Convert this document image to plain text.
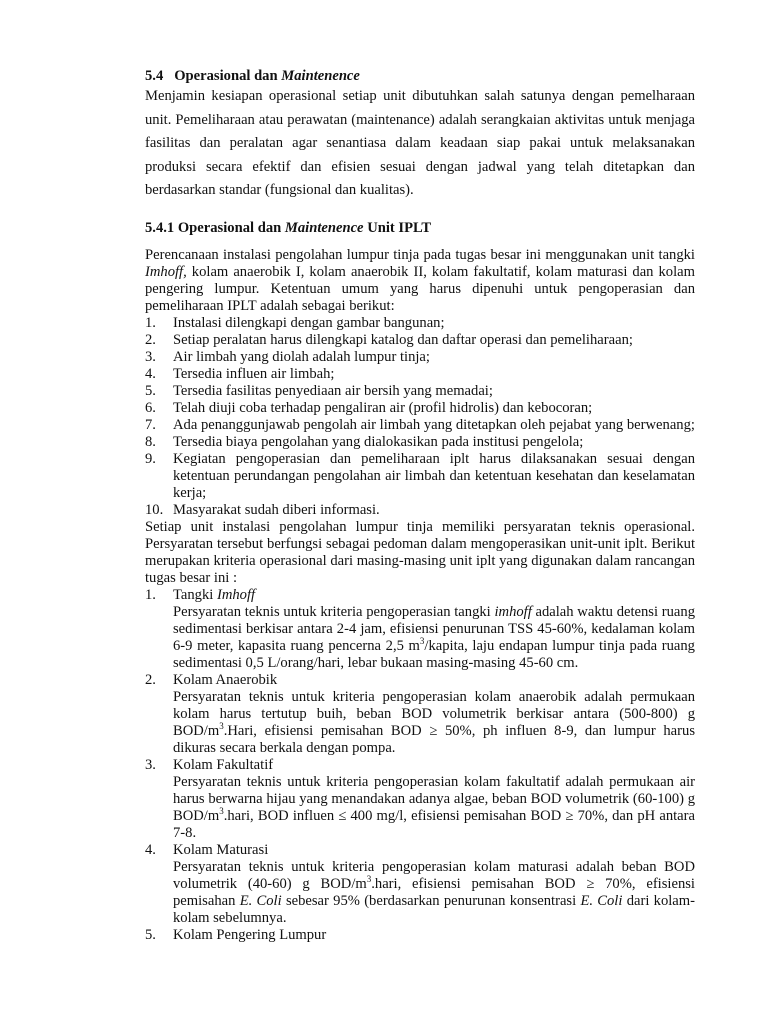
5.4 Operasional dan Maintenence

Menjamin kesiapan operasional setiap unit dibutuhkan salah satunya dengan pemelharaan unit. Pemeliharaan atau perawatan (maintenance) adalah serangkaian aktivitas untuk menjaga fasilitas dan peralatan agar senantiasa dalam keadaan siap pakai untuk melaksanakan produksi secara efektif dan efisien sesuai dengan jadwal yang telah ditetapkan dan berdasarkan standar (fungsional dan kualitas).

5.4.1 Operasional dan Maintenence Unit IPLT

Perencanaan instalasi pengolahan lumpur tinja pada tugas besar ini menggunakan unit tangki Imhoff, kolam anaerobik I, kolam anaerobik II, kolam fakultatif, kolam maturasi dan kolam pengering lumpur. Ketentuan umum yang harus dipenuhi untuk pengoperasian dan pemeliharaan IPLT adalah sebagai berikut:

1.	Instalasi dilengkapi dengan gambar bangunan;
2.	Setiap peralatan harus dilengkapi katalog dan daftar operasi dan pemeliharaan;
3.	Air limbah yang diolah adalah lumpur tinja;
4.	Tersedia influen air limbah;
5.	Tersedia fasilitas penyediaan air bersih yang memadai;
6.	Telah diuji coba terhadap pengaliran air (profil hidrolis) dan kebocoran;
7.	Ada penanggunjawab pengolah air limbah yang ditetapkan oleh pejabat yang berwenang;
8.	Tersedia biaya pengolahan yang dialokasikan pada institusi pengelola;
9.	Kegiatan pengoperasian dan pemeliharaan iplt harus dilaksanakan sesuai dengan ketentuan perundangan pengolahan air limbah dan ketentuan kesehatan dan keselamatan kerja;
10. Masyarakat sudah diberi informasi.

Setiap unit instalasi pengolahan lumpur tinja memiliki persyaratan teknis operasional. Persyaratan tersebut berfungsi sebagai pedoman dalam mengoperasikan unit-unit iplt. Berikut merupakan kriteria operasional dari masing-masing unit iplt yang digunakan dalam rancangan tugas besar ini :

1.	Tangki Imhoff
Persyaratan teknis untuk kriteria pengoperasian tangki imhoff adalah waktu detensi ruang sedimentasi berkisar antara 2-4 jam, efisiensi penurunan TSS 45-60%, kedalaman kolam 6-9 meter, kapasita ruang pencerna 2,5 $m^3$/kapita, laju endapan lumpur tinja pada ruang sedimentasi 0,5 L/orang/hari, lebar bukaan masing-masing 45-60 cm.
2.	Kolam Anaerobik
Persyaratan teknis untuk kriteria pengoperasian kolam anaerobik adalah permukaan kolam harus tertutup buih, beban BOD volumetrik berkisar antara (500-800) g BOD/$m^3.Hari$, efisiensi pemisahan BOD ≥ 50%, ph influen 8-9, dan lumpur harus dikuras secara berkala dengan pompa.
3.	Kolam Fakultatif
Persyaratan teknis untuk kriteria pengoperasian kolam fakultatif adalah permukaan air harus berwarna hijau yang menandakan adanya algae, beban BOD volumetrik (60-100) g BOD/$m^3.hari$, BOD influen ≤ 400 mg/l, efisiensi pemisahan BOD ≥ 70%, dan pH antara 7-8.
4.	Kolam Maturasi
Persyaratan teknis untuk kriteria pengoperasian kolam maturasi adalah beban BOD volumetrik (40-60) g BOD/$m^3.hari$, efisiensi pemisahan BOD ≥ 70%, efisiensi pemisahan E. Coli sebesar 95% (berdasarkan penurunan konsentrasi E. Coli dari kolam-kolam sebelumnya.
5.	Kolam Pengering Lumpur
